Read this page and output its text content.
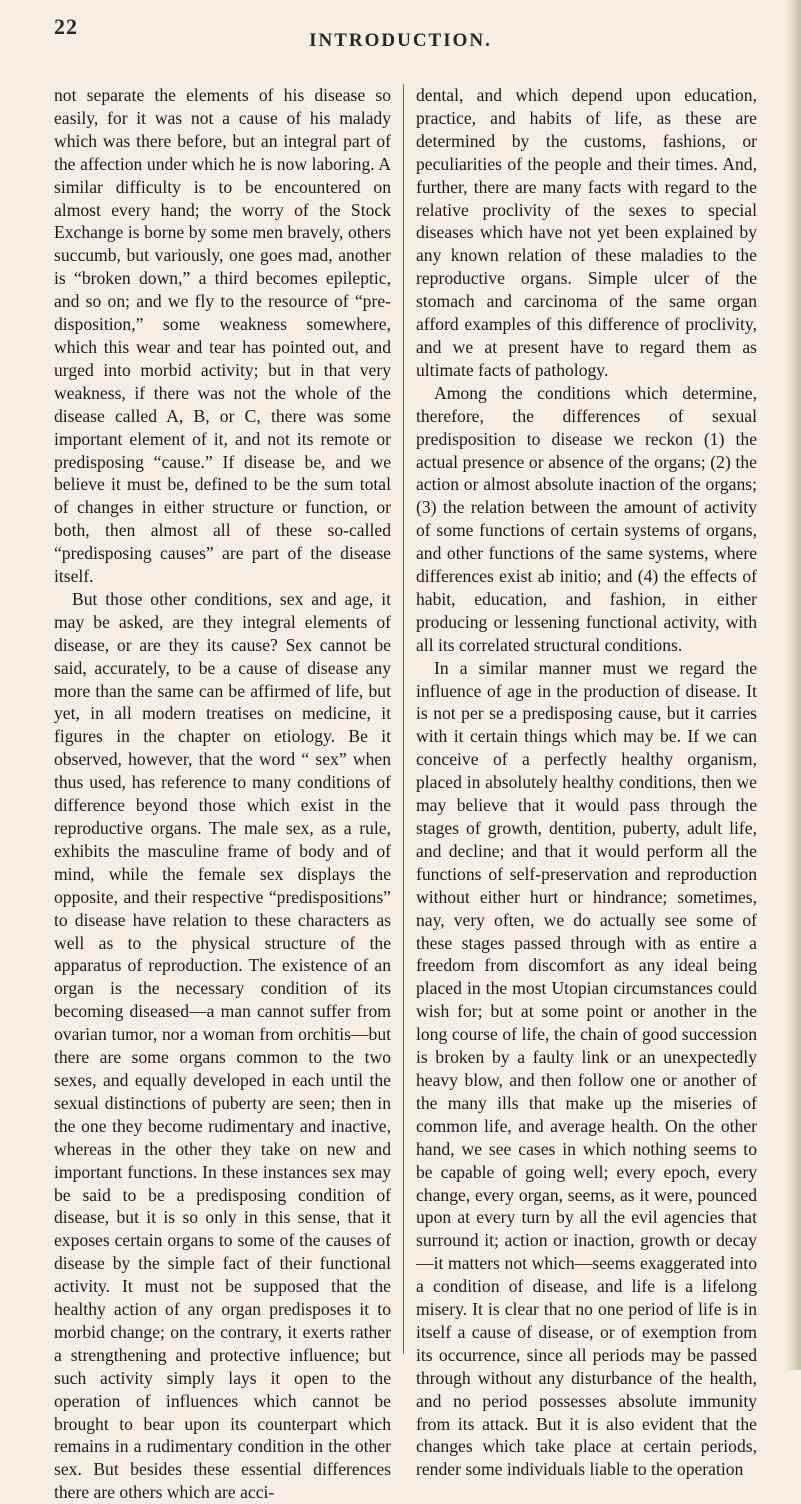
22
INTRODUCTION.

not separate the elements of his disease so easily, for it was not a cause of his malady which was there before, but an integral part of the affection under which he is now laboring. A similar difficulty is to be encountered on almost every hand; the worry of the Stock Exchange is borne by some men bravely, others succumb, but variously, one goes mad, another is “broken down,” a third becomes epileptic, and so on; and we fly to the resource of “pre-disposition,” some weakness somewhere, which this wear and tear has pointed out, and urged into morbid activity; but in that very weakness, if there was not the whole of the disease called A, B, or C, there was some important element of it, and not its remote or predisposing “cause.” If disease be, and we believe it must be, defined to be the sum total of changes in either structure or function, or both, then almost all of these so-called “predisposing causes” are part of the disease itself.

But those other conditions, sex and age, it may be asked, are they integral elements of disease, or are they its cause? Sex cannot be said, accurately, to be a cause of disease any more than the same can be affirmed of life, but yet, in all modern treatises on medicine, it figures in the chapter on etiology. Be it observed, however, that the word “ sex” when thus used, has reference to many conditions of difference beyond those which exist in the reproductive organs. The male sex, as a rule, exhibits the masculine frame of body and of mind, while the female sex displays the opposite, and their respective “predispositions” to disease have relation to these characters as well as to the physical structure of the apparatus of reproduction. The existence of an organ is the necessary condition of its becoming diseased—a man cannot suffer from ovarian tumor, nor a woman from orchitis—but there are some organs common to the two sexes, and equally developed in each until the sexual distinctions of puberty are seen; then in the one they become rudimentary and inactive, whereas in the other they take on new and important functions. In these instances sex may be said to be a predisposing condition of disease, but it is so only in this sense, that it exposes certain organs to some of the causes of disease by the simple fact of their functional activity. It must not be supposed that the healthy action of any organ predisposes it to morbid change; on the contrary, it exerts rather a strengthening and protective influence; but such activity simply lays it open to the operation of influences which cannot be brought to bear upon its counterpart which remains in a rudimentary condition in the other sex. But besides these essential differences there are others which are acci-

dental, and which depend upon education, practice, and habits of life, as these are determined by the customs, fashions, or peculiarities of the people and their times. And, further, there are many facts with regard to the relative proclivity of the sexes to special diseases which have not yet been explained by any known relation of these maladies to the reproductive organs. Simple ulcer of the stomach and carcinoma of the same organ afford examples of this difference of proclivity, and we at present have to regard them as ultimate facts of pathology.

Among the conditions which determine, therefore, the differences of sexual predisposition to disease we reckon (1) the actual presence or absence of the organs; (2) the action or almost absolute inaction of the organs; (3) the relation between the amount of activity of some functions of certain systems of organs, and other functions of the same systems, where differences exist ab initio; and (4) the effects of habit, education, and fashion, in either producing or lessening functional activity, with all its correlated structural conditions.

In a similar manner must we regard the influence of age in the production of disease. It is not per se a predisposing cause, but it carries with it certain things which may be. If we can conceive of a perfectly healthy organism, placed in absolutely healthy conditions, then we may believe that it would pass through the stages of growth, dentition, puberty, adult life, and decline; and that it would perform all the functions of self-preservation and reproduction without either hurt or hindrance; sometimes, nay, very often, we do actually see some of these stages passed through with as entire a freedom from discomfort as any ideal being placed in the most Utopian circumstances could wish for; but at some point or another in the long course of life, the chain of good succession is broken by a faulty link or an unexpectedly heavy blow, and then follow one or another of the many ills that make up the miseries of common life, and average health. On the other hand, we see cases in which nothing seems to be capable of going well; every epoch, every change, every organ, seems, as it were, pounced upon at every turn by all the evil agencies that surround it; action or inaction, growth or decay—it matters not which—seems exaggerated into a condition of disease, and life is a lifelong misery. It is clear that no one period of life is in itself a cause of disease, or of exemption from its occurrence, since all periods may be passed through without any disturbance of the health, and no period possesses absolute immunity from its attack. But it is also evident that the changes which take place at certain periods, render some individuals liable to the operation
